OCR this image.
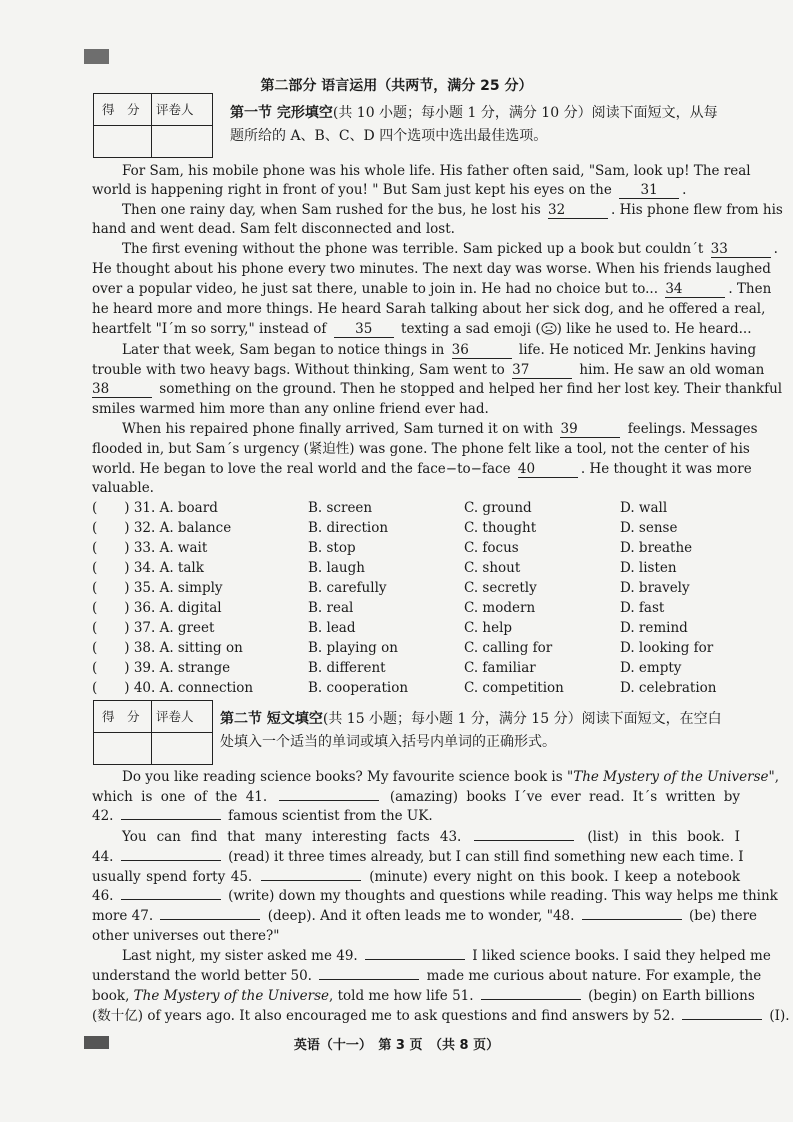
第二部分 语言运用（共两节，满分 25 分）
得　分 评卷人	第一节 完形填空(共 10 小题；每小题 1 分，满分 10 分）阅读下面短文，从每
题所给的 A、B、C、D 四个选项中选出最佳选项。
For Sam, his mobile phone was his whole life. His father often said, "Sam, look up! The real
world is happening right in front of you! " But Sam just kept his eyes on the 31 .
Then one rainy day, when Sam rushed for the bus, he lost his 32	. His phone flew from his
hand and went dead. Sam felt disconnected and lost.
The first evening without the phone was terrible. Sam picked up a book but couldn´t 33	.
He thought about his phone every two minutes. The next day was worse. When his friends laughed
over a popular video, he just sat there, unable to join in. He had no choice but to... 34	. Then
he heard more and more things. He heard Sarah talking about her sick dog, and he offered a real,
heartfelt "I´m so sorry," instead of 35 texting a sad emoji ( ) like he used to. He heard...
Later that week, Sam began to notice things in 36	life. He noticed Mr. Jenkins having
trouble with two heavy bags. Without thinking, Sam went to 37	him. He saw an old woman
38	something on the ground. Then he stopped and helped her find her lost key. Their thankful
smiles warmed him more than any online friend ever had.
When his repaired phone finally arrived, Sam turned it on with 39	feelings. Messages
flooded in, but Sam´s urgency (紧迫性) was gone. The phone felt like a tool, not the center of his
world. He began to love the real world and the face−to−face 40	. He thought it was more
valuable.
(　　) 31. A. board	B. screen	C. ground	D. wall
(　　) 32. A. balance	B. direction	C. thought	D. sense
(　　) 33. A. wait	B. stop	C. focus	D. breathe
(　　) 34. A. talk	B. laugh	C. shout	D. listen
(　　) 35. A. simply	B. carefully	C. secretly	D. bravely
(　　) 36. A. digital	B. real	C. modern	D. fast
(　　) 37. A. greet	B. lead	C. help	D. remind
(　　) 38. A. sitting on	B. playing on	C. calling for	D. looking for
(　　) 39. A. strange	B. different	C. familiar	D. empty
(　　) 40. A. connection	B. cooperation	C. competition	D. celebration
得　分 评卷人 第二节 短文填空(共 15 小题；每小题 1 分，满分 15 分）阅读下面短文，在空白
处填入一个适当的单词或填入括号内单词的正确形式。
Do you like reading science books? My favourite science book is "The Mystery of the Universe",
which is one of the 41.	(amazing) books I´ve ever read. It´s written by
42.	famous scientist from the UK.
You can find that many interesting facts 43.	(list) in this book. I
44.	(read) it three times already, but I can still find something new each time. I
usually spend forty 45.	(minute) every night on this book. I keep a notebook
46.	(write) down my thoughts and questions while reading. This way helps me think
more 47.	(deep). And it often leads me to wonder, "48.	(be) there
other universes out there?"
Last night, my sister asked me 49.	I liked science books. I said they helped me
understand the world better 50.	made me curious about nature. For example, the
book, The Mystery of the Universe, told me how life 51.	(begin) on Earth billions
(数十亿) of years ago. It also encouraged me to ask questions and find answers by 52.	(I).
英语（十一）　第 3 页　（共 8 页）
